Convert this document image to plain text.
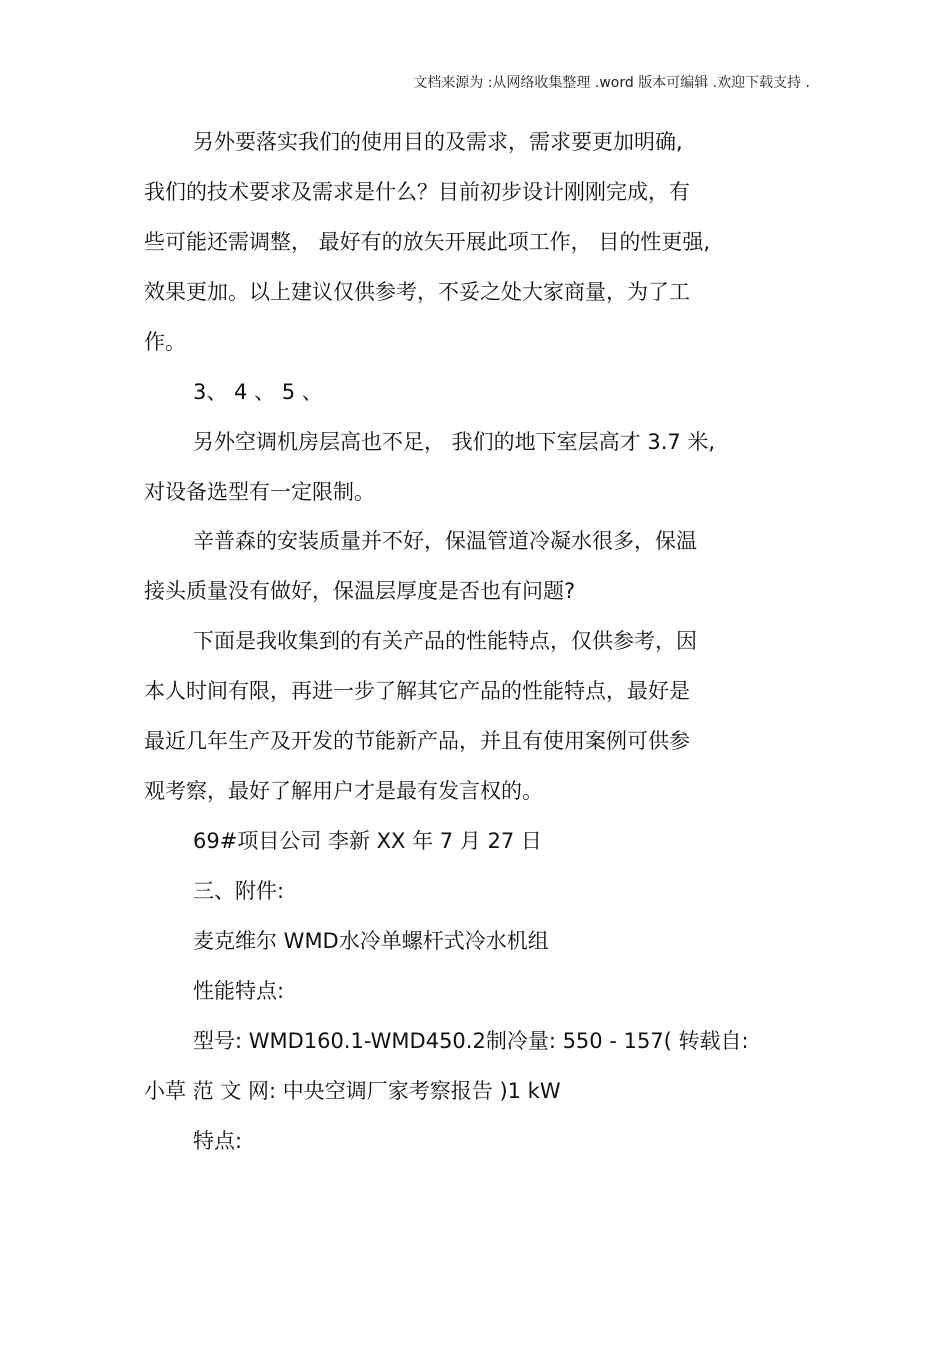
文档来源为 :从网络收集整理 .word 版本可编辑 .欢迎下载支持 .
另外要落实我们的使用目的及需求，需求要更加明确,
我们的技术要求及需求是什么？目前初步设计刚刚完成，有
些可能还需调整， 最好有的放矢开展此项工作， 目的性更强,
效果更加。以上建议仅供参考，不妥之处大家商量，为了工
作。
3、 4 、 5 、
另外空调机房层高也不足， 我们的地下室层高才 3.7 米,
对设备选型有一定限制。
辛普森的安装质量并不好，保温管道冷凝水很多，保温
接头质量没有做好，保温层厚度是否也有问题?
下面是我收集到的有关产品的性能特点，仅供参考，因
本人时间有限，再进一步了解其它产品的性能特点，最好是
最近几年生产及开发的节能新产品，并且有使用案例可供参
观考察，最好了解用户才是最有发言权的。
69#项目公司 李新 XX 年 7 月 27 日
三、附件:
麦克维尔 WMD水冷单螺杆式冷水机组
性能特点:
型号: WMD160.1-WMD450.2制冷量: 550 - 157( 转载自:
小草 范 文 网: 中央空调厂家考察报告 )1 kW
特点:
